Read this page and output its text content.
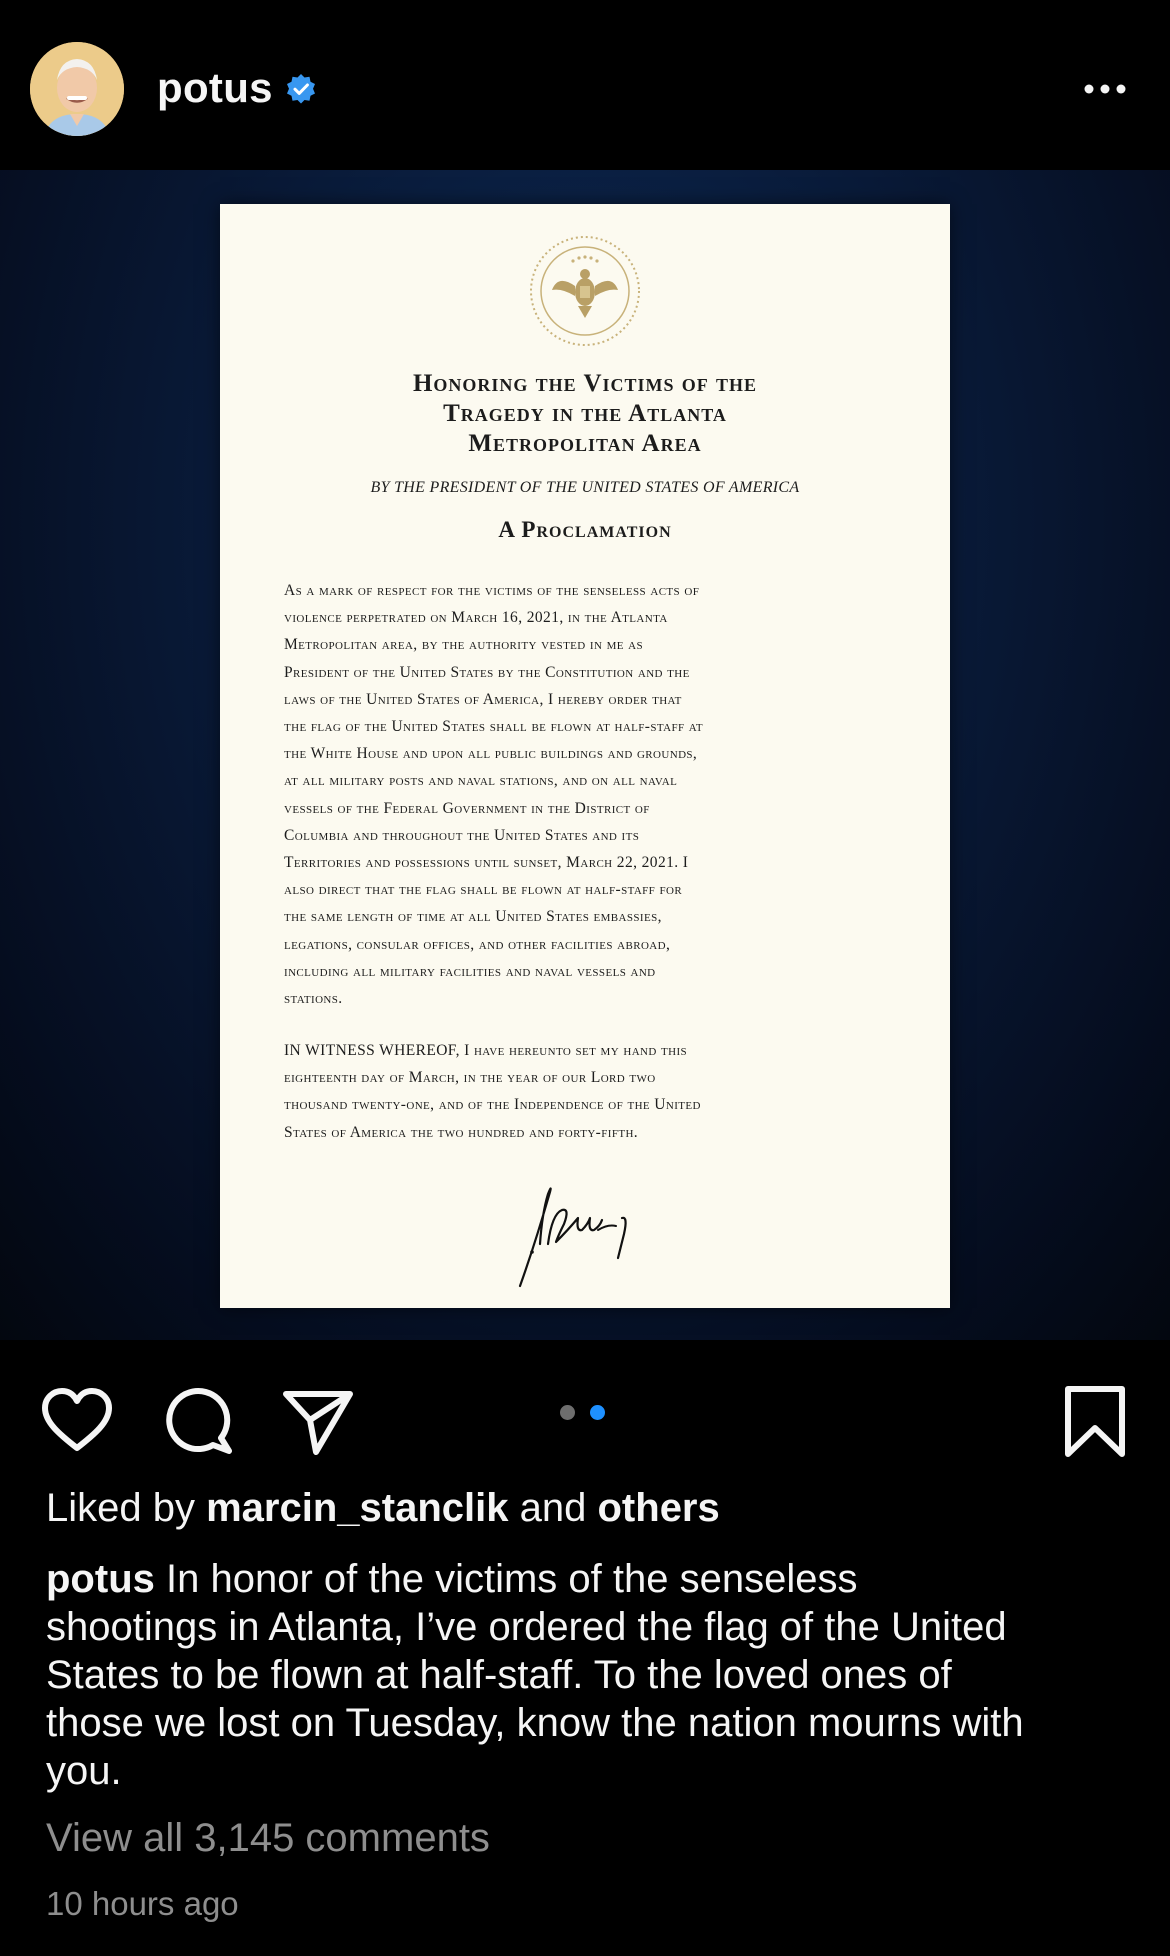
potus
Honoring the Victims of the
Tragedy in the Atlanta
Metropolitan Area
BY THE PRESIDENT OF THE UNITED STATES OF AMERICA
A Proclamation
As a mark of respect for the victims of the senseless acts of
violence perpetrated on March 16, 2021, in the Atlanta
Metropolitan area, by the authority vested in me as
President of the United States by the Constitution and the
laws of the United States of America, I hereby order that
the flag of the United States shall be flown at half-staff at
the White House and upon all public buildings and grounds,
at all military posts and naval stations, and on all naval
vessels of the Federal Government in the District of
Columbia and throughout the United States and its
Territories and possessions until sunset, March 22, 2021. I
also direct that the flag shall be flown at half-staff for
the same length of time at all United States embassies,
legations, consular offices, and other facilities abroad,
including all military facilities and naval vessels and
stations.
IN WITNESS WHEREOF, I have hereunto set my hand this
eighteenth day of March, in the year of our Lord two
thousand twenty-one, and of the Independence of the United
States of America the two hundred and forty-fifth.
Liked by marcin_stanclik and others
potus In honor of the victims of the senseless
shootings in Atlanta, I’ve ordered the flag of the United
States to be flown at half-staff. To the loved ones of
those we lost on Tuesday, know the nation mourns with
you.
View all 3,145 comments
10 hours ago
